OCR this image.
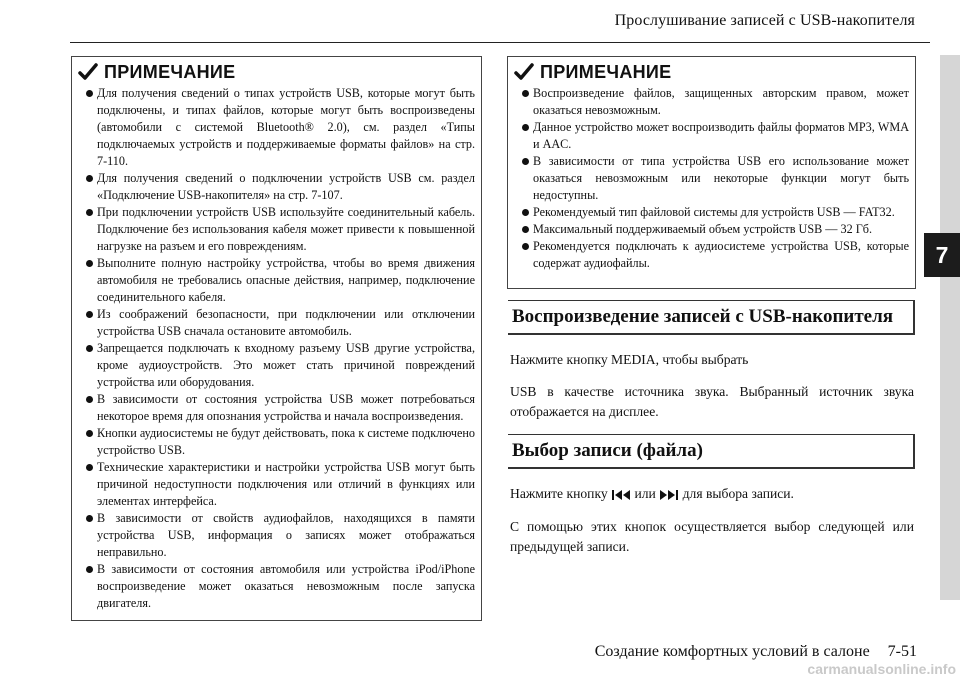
Прослушивание записей с USB-накопителя
7
ПРИМЕЧАНИЕ
Для получения сведений о типах устройств USB, которые могут быть подключены, и типах файлов, которые могут быть воспроизведены (автомобили с системой Bluetooth® 2.0), см. раздел «Типы подключаемых устройств и поддерживаемые форматы файлов» на стр. 7-110.
Для получения сведений о подключении устройств USB см. раздел «Подключение USB-накопителя» на стр. 7-107.
При подключении устройств USB используйте соединительный кабель. Подключение без использования кабеля может привести к повышенной нагрузке на разъем и его повреждениям.
Выполните полную настройку устройства, чтобы во время движения автомобиля не требовались опасные действия, например, подключение соединительного кабеля.
Из соображений безопасности, при подключении или отключении устройства USB сначала остановите автомобиль.
Запрещается подключать к входному разъему USB другие устройства, кроме аудиоустройств. Это может стать причиной повреждений устройства или оборудования.
В зависимости от состояния устройства USB может потребоваться некоторое время для опознания устройства и начала воспроизведения.
Кнопки аудиосистемы не будут действовать, пока к системе подключено устройство USB.
Технические характеристики и настройки устройства USB могут быть причиной недоступности подключения или отличий в функциях или элементах интерфейса.
В зависимости от свойств аудиофайлов, находящихся в памяти устройства USB, информация о записях может отображаться неправильно.
В зависимости от состояния автомобиля или устройства iPod/iPhone воспроизведение может оказаться невозможным после запуска двигателя.
ПРИМЕЧАНИЕ
Воспроизведение файлов, защищенных авторским правом, может оказаться невозможным.
Данное устройство может воспроизводить файлы форматов MP3, WMA и AAC.
В зависимости от типа устройства USB его использование может оказаться невозможным или некоторые функции могут быть недоступны.
Рекомендуемый тип файловой системы для устройств USB — FAT32.
Максимальный поддерживаемый объем устройств USB — 32 Гб.
Рекомендуется подключать к аудиосистеме устройства USB, которые содержат аудиофайлы.
Воспроизведение записей с USB-накопителя
Нажмите кнопку MEDIA, чтобы выбрать
USB в качестве источника звука. Выбранный источник звука отображается на дисплее.
Выбор записи (файла)
Нажмите кнопку или для выбора записи.
С помощью этих кнопок осуществляется выбор следующей или предыдущей записи.
Создание комфортных условий в салоне 7-51
carmanualsonline.info
